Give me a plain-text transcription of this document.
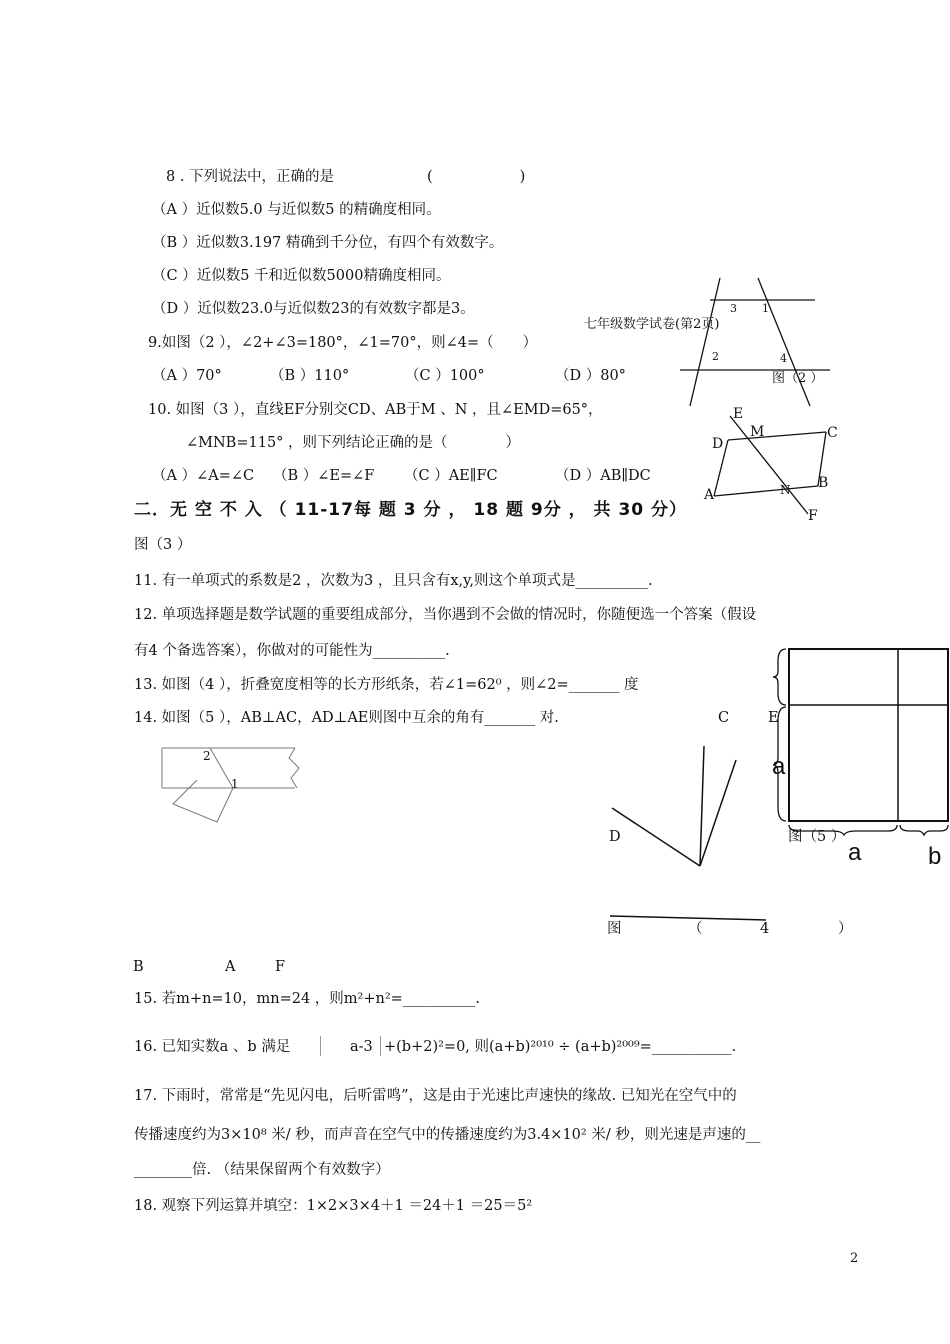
8 . 下列说法中，正确的是	(　　　　　　)
（A ）近似数5.0 与近似数5 的精确度相同。
（B ）近似数3.197 精确到千分位，有四个有效数字。
（C ）近似数5 千和近似数5000精确度相同。
（D ）近似数23.0与近似数23的有效数字都是3。
七年级数学试卷(第2页)
9.如图（2 ），∠2+∠3=180°，∠1=70°，则∠4=（　　）
（A ）70°	（B ）110°	（C ）100°	（D ）80°
3 1
2	4
图（2 ）
10. 如图（3 ），直线EF分别交CD、AB于M 、N ，且∠EMD=65°，
∠MNB=115° ，则下列结论正确的是（　　　　）
（A ）∠A=∠C （B ）∠E=∠F （C ）AE∥FC	（D ）AB∥DC
E
M	C
D
B
A	N
F
二．无 空 不 入 （ 11-17每 题 3 分 ， 18 题 9分 ， 共 30 分）
图（3 ）
11. 有一单项式的系数是2 ，次数为3 ，且只含有x,y,则这个单项式是__________.
12. 单项选择题是数学试题的重要组成部分，当你遇到不会做的情况时，你随便选一个答案（假设
有4 个备选答案），你做对的可能性为__________.
13. 如图（4 ），折叠宽度相等的长方形纸条，若∠1=62⁰ ，则∠2=_______ 度
14. 如图（5 ），AB⊥AC，AD⊥AE则图中互余的角有_______ 对.	C	E
a
图（5 ）
a	b
2
1
D
图	（	4	）
B	A	F
15. 若m+n=10，mn=24 ，则m²+n²=__________.
16. 已知实数a 、b 满足	a-3 +(b+2)²=0, 则(a+b)²⁰¹⁰ ÷ (a+b)²⁰⁰⁹=___________.
17. 下雨时，常常是“先见闪电，后听雷鸣”，这是由于光速比声速快的缘故. 已知光在空气中的
传播速度约为3×10⁸ 米/ 秒，而声音在空气中的传播速度约为3.4×10² 米/ 秒，则光速是声速的__
________倍. （结果保留两个有效数字）
18. 观察下列运算并填空：1×2×3×4＋1 ＝24＋1 ＝25＝5²
2
